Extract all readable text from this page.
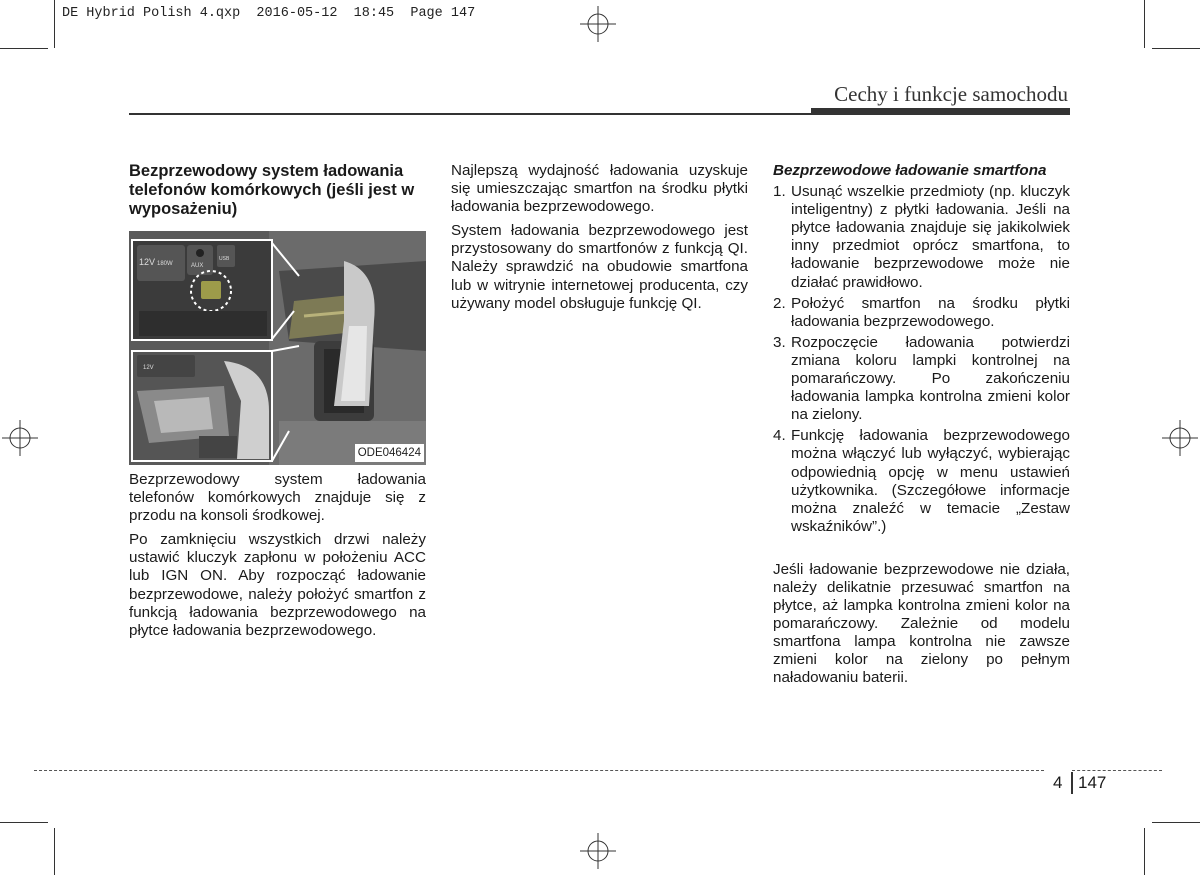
DE Hybrid Polish 4.qxp  2016-05-12  18:45  Page 147
Cechy i funkcje samochodu
Bezprzewodowy system ładowania telefonów komórkowych (jeśli jest w wyposażeniu)
12V 180W	AUX
USB
12V
ODE046424

Bezprzewodowy system ładowania telefonów komórkowych znajduje się z przodu na konsoli środkowej.

Po zamknięciu wszystkich drzwi należy ustawić kluczyk zapłonu w położeniu ACC lub IGN ON. Aby rozpocząć ładowanie bezprzewodowe, należy położyć smartfon z funkcją ładowania bezprzewodowego na płytce ładowania bezprzewodowego.

Najlepszą wydajność ładowania uzyskuje się umieszczając smartfon na środku płytki ładowania bezprzewodowego.

System ładowania bezprzewodowego jest przystosowany do smartfonów z funkcją QI. Należy sprawdzić na obudowie smartfona lub w witrynie internetowej producenta, czy używany model obsługuje funkcję QI.

Bezprzewodowe ładowanie smartfona
1. Usunąć wszelkie przedmioty (np. kluczyk inteligentny) z płytki ładowania. Jeśli na płytce ładowania znajduje się jakikolwiek inny przedmiot oprócz smartfona, to ładowanie bezprzewodowe może nie działać prawidłowo.
2. Położyć smartfon na środku płytki ładowania bezprzewodowego.
3. Rozpoczęcie ładowania potwierdzi zmiana koloru lampki kontrolnej na pomarańczowy. Po zakończeniu ładowania lampka kontrolna zmieni kolor na zielony.
4. Funkcję ładowania bezprzewodowego można włączyć lub wyłączyć, wybierając odpowiednią opcję w menu ustawień użytkownika. (Szczegółowe informacje można znaleźć w temacie „Zestaw wskaźników”.)

Jeśli ładowanie bezprzewodowe nie działa, należy delikatnie przesuwać smartfon na płytce, aż lampka kontrolna zmieni kolor na pomarańczowy. Zależnie od modelu smartfona lampa kontrolna nie zawsze zmieni kolor na zielony po pełnym naładowaniu baterii.

4 147
